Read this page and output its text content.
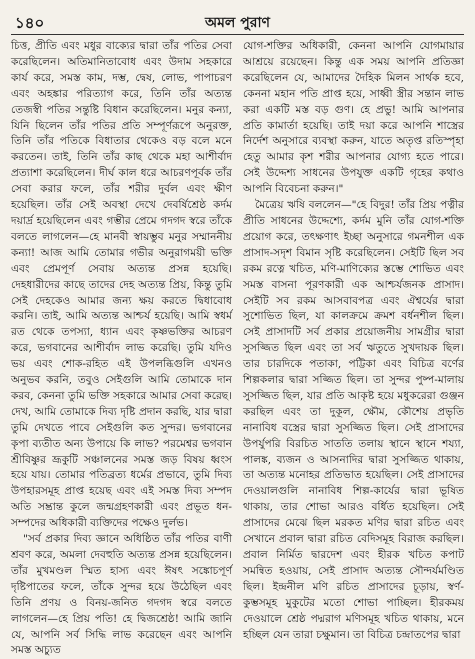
১৪০	অমল পুরাণ

চিত্ত, প্রীতি এবং মধুর বাক্যের দ্বারা তাঁর পতির সেবা করেছিলেন। অতিমানিতাবোধ এবং উদাম সহকারে কার্য করে, সমস্ত কাম, দম্ভ, দ্বেষ, লোভ, পাপাচরণ এবং অহঙ্কার পরিত্যাগ করে, তিনি তাঁর অত্যন্ত তেজস্বী পতির সন্তুষ্টি বিধান করেছিলেন। মনুর কন্যা, যিনি ছিলেন তাঁর পতির প্রতি সম্পূর্ণরূপে অনুরক্ত, তিনি তাঁর পতিকে বিধাতার থেকেও বড় বলে মনে করতেন। তাই, তিনি তাঁর কাছ থেকে মহা আশীর্বাদ প্রত্যাশা করেছিলেন। দীর্ঘ কাল ধরে আচরণপূর্বক তাঁর সেবা করার ফলে, তাঁর শরীর দুর্বল এবং ক্ষীণ হয়েছিল। তাঁর সেই অবস্থা দেখে দেবর্ষিশ্রেষ্ঠ কর্দম দয়ার্দ্র হয়েছিলেন এবং গম্ভীর প্রেমে গদগদ স্বরে তাঁকে বলতে লাগলেন—হে মানবী স্বায়ম্ভুব মনুর সম্মাননীয় কন্যা! আজ আমি তোমার গভীর অনুরাগময়ী ভক্তি এবং প্রেমপূর্ণ সেবায় অত্যন্ত প্রসন্ন হয়েছি। দেহধারীদের কাছে তাদের দেহ অত্যন্ত প্রিয়, কিন্তু তুমি সেই দেহকেও আমার জন্য ক্ষয় করতে দ্বিধাবোধ করনি। তাই, আমি অত্যন্ত আশ্চর্য হয়েছি। আমি স্বধর্ম রত থেকে তপস্যা, ধ্যান এবং কৃষ্ণভক্তির আচরণ করে, ভগবানের আশীর্বাদ লাভ করেছি। তুমি যদিও ভয় এবং শোক-রহিত এই উপলব্ধিগুলি এখনও অনুভব করনি, তবুও সেইগুলি আমি তোমাকে দান করব, কেননা তুমি ভক্তি সহকারে আমার সেবা করেছ। দেখ, আমি তোমাকে দিব্য দৃষ্টি প্রদান করছি, যার দ্বারা তুমি দেখতে পাবে সেইগুলি কত সুন্দর। ভগবানের কৃপা ব্যতীত অন্য উপায়ে কি লাভ? পরমেশ্বর ভগবান শ্রীবিষ্ণুর ভ্রূকুটি সঞ্চালনের সমস্ত জড় বিষয় ধ্বংস হয়ে যায়। তোমার পতিব্রত্য ধর্মের প্রভাবে, তুমি দিব্য উপহারসমূহ প্রাপ্ত হয়েছ এবং এই সমস্ত দিব্য সম্পদ অতি সম্ভ্রান্ত কুলে জন্মগ্রহণকারী এবং প্রভূত ধন-সম্পদের অধিকারী ব্যক্তিদের পক্ষেও দুর্লভ।

"সর্ব প্রকার দিব্য জ্ঞানে অধিষ্ঠিত তাঁর পতির বাণী শ্রবণ করে, অমলা দেবহুতি অত্যন্ত প্রসন্ন হয়েছিলেন। তাঁর মুখমণ্ডল স্মিত হাস্য এবং ঈষৎ সঙ্কোচপূর্ণ দৃষ্টিপাতের ফলে, তাঁকে সুন্দর হয়ে উঠেছিল এবং তিনি প্রণয় ও বিনয়-জনিত গদগদ স্বরে বলতে লাগলেন—হে প্রিয় পতি! হে দ্বিজশ্রেষ্ঠ! আমি জানি যে, আপনি সর্ব সিদ্ধি লাভ করেছেন এবং আপনি সমস্ত অচ্যুত

যোগ-শক্তির অধিকারী, কেননা আপনি যোগমায়ার আশ্রয়ে রয়েছেন। কিন্তু এক সময় আপনি প্রতিজ্ঞা করেছিলেন যে, আমাদের দৈহিক মিলন সার্থক হবে, কেননা মহান পতি প্রাপ্ত হয়ে, সাধ্বী স্ত্রীর সন্তান লাভ করা একটি মস্ত বড় গুণ। হে প্রভু! আমি আপনার প্রতি কামার্তা হয়েছি। তাই দয়া করে আপনি শাস্ত্রের নির্দেশ অনুসারে ব্যবস্থা করুন, যাতে অতৃপ্ত রতিস্পৃহা হেতু আমার কৃশ শরীর আপনার যোগ্য হতে পারে। সেই উদ্দেশ্য সাধনের উপযুক্ত একটি গৃহের কথাও আপনি বিবেচনা করুন।"

মৈত্রেয় ঋষি বললেন—"হে বিদুর! তাঁর প্রিয় পত্নীর প্রীতি সাধনের উদ্দেশ্যে, কর্দম মুনি তাঁর যোগ-শক্তি প্রয়োগ করে, তৎক্ষণাৎ ইচ্ছা অনুসারে গমনশীল এক প্রাসাদ-সদৃশ বিমান সৃষ্টি করেছিলেন। সেইটি ছিল সব রকম রত্নে খচিত, মণি-মাণিক্যের স্তম্ভে শোভিত এবং সমস্ত বাসনা পূরণকারী এক আশ্চর্যজনক প্রাসাদ। সেইটি সব রকম আসবাবপত্র এবং ঐশ্বর্যের দ্বারা সুশোভিত ছিল, যা কালক্রমে ক্রমশ বর্ধনশীল ছিল। সেই প্রাসাদটি সর্ব প্রকার প্রয়োজনীয় সামগ্রীর দ্বারা সুসজ্জিত ছিল এবং তা সর্ব ঋতুতে সুখদায়ক ছিল। তার চারদিকে পতাকা, পট্টিকা এবং বিচিত্র বর্ণের শিল্পকলার দ্বারা সজ্জিত ছিল। তা সুন্দর পুষ্প-মালায় সুসজ্জিত ছিল, যার প্রতি আকৃষ্ট হয়ে মধুকরেরা গুঞ্জন করছিল এবং তা দুকূল, ক্ষৌম, কৌশেয় প্রভৃতি নানাবিধ বস্ত্রের দ্বারা সুসজ্জিত ছিল। সেই প্রাসাদের উপর্যুপরি বিরচিত সাততি তলায় স্থানে স্থানে শয্যা, পালঙ্ক, ব্যজন ও আসনাদির দ্বারা সুসজ্জিত থাকায়, তা অত্যন্ত মনোহর প্রতিভাত হয়েছিল। সেই প্রাসাদের দেওয়ালগুলি নানাবিধ শিল্প-কার্যের দ্বারা ভূষিত থাকায়, তার শোভা আরও বর্ধিত হয়েছিল। সেই প্রাসাদের মেঝে ছিল মরকত মণির দ্বারা রচিত এবং সেখানে প্রবাল দ্বারা রচিত বেদিসমূহ বিরাজ করছিল। প্রবাল নির্মিত দ্বারদেশ এবং হীরক খচিত কপাট সমন্বিত হওয়ায়, সেই প্রাসাদ অত্যন্ত সৌন্দর্যমণ্ডিত ছিল। ইন্দ্রনীল মণি রচিত প্রাসাদের চূড়ায়, স্বর্ণ-কুম্ভসমূহ মুকুটের মতো শোভা পাচ্ছিল। হীরকময় দেওয়ালে শ্রেষ্ঠ পদ্মরাগ মণিসমূহ খচিত থাকায়, মনে হচ্ছিল যেন তারা চক্ষুমান। তা বিচিত্র চন্দ্রাতপের দ্বারা
